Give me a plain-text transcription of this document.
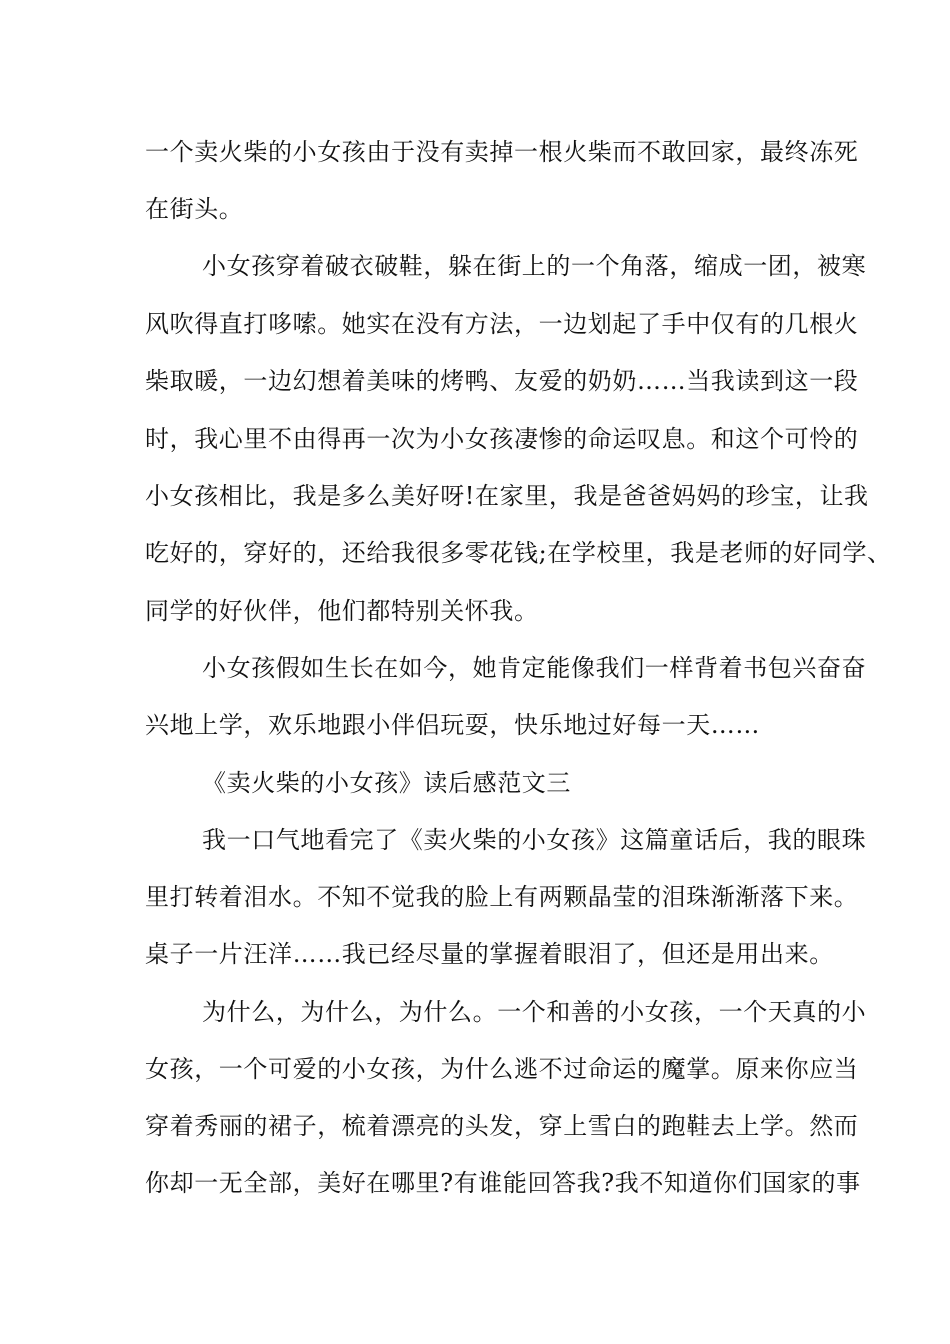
一个卖火柴的小女孩由于没有卖掉一根火柴而不敢回家，最终冻死

在街头。

小女孩穿着破衣破鞋，躲在街上的一个角落，缩成一团，被寒

风吹得直打哆嗦。她实在没有方法，一边划起了手中仅有的几根火

柴取暖，一边幻想着美味的烤鸭、友爱的奶奶……当我读到这一段

时，我心里不由得再一次为小女孩凄惨的命运叹息。和这个可怜的

小女孩相比，我是多么美好呀!在家里，我是爸爸妈妈的珍宝，让我

吃好的，穿好的，还给我很多零花钱;在学校里，我是老师的好同学、

同学的好伙伴，他们都特别关怀我。

小女孩假如生长在如今，她肯定能像我们一样背着书包兴奋奋

兴地上学，欢乐地跟小伴侣玩耍，快乐地过好每一天……

《卖火柴的小女孩》读后感范文三

我一口气地看完了《卖火柴的小女孩》这篇童话后，我的眼珠

里打转着泪水。不知不觉我的脸上有两颗晶莹的泪珠渐渐落下来。

桌子一片汪洋……我已经尽量的掌握着眼泪了，但还是用出来。

为什么，为什么，为什么。一个和善的小女孩，一个天真的小

女孩，一个可爱的小女孩，为什么逃不过命运的魔掌。原来你应当

穿着秀丽的裙子，梳着漂亮的头发，穿上雪白的跑鞋去上学。然而

你却一无全部，美好在哪里?有谁能回答我?我不知道你们国家的事
